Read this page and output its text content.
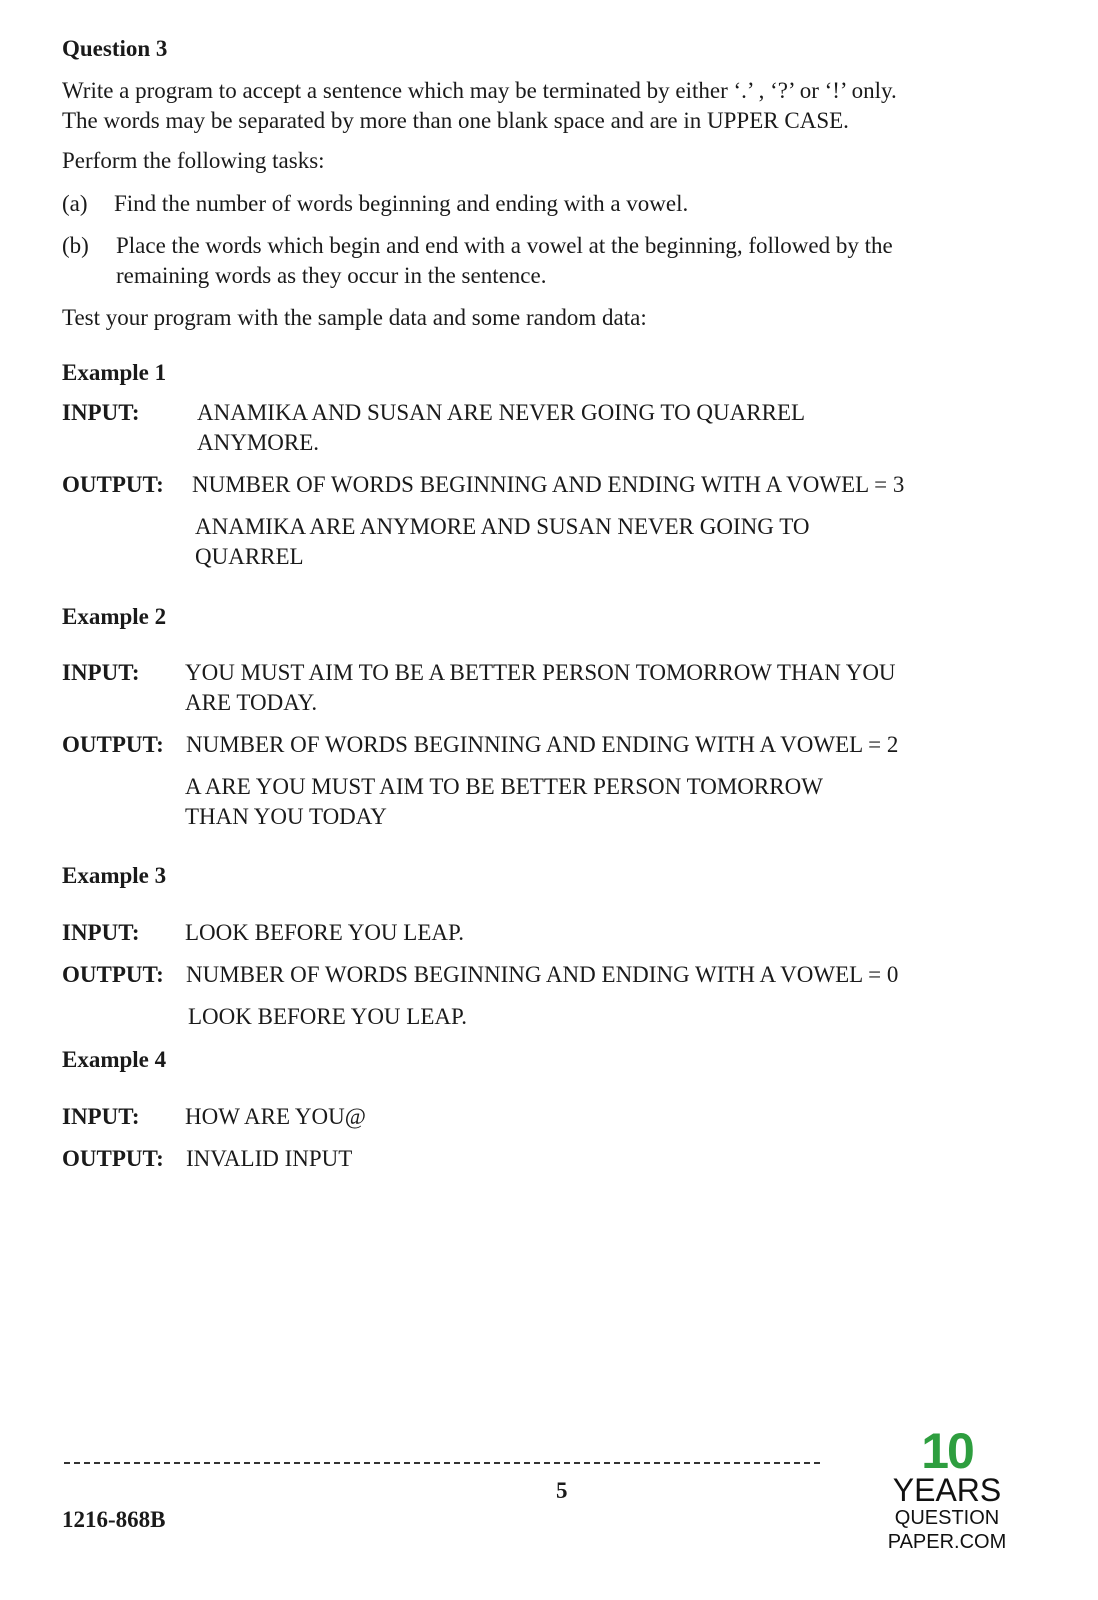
Question 3
Write a program to accept a sentence which may be terminated by either ‘.’ , ‘?’ or ‘!’ only.
The words may be separated by more than one blank space and are in UPPER CASE.
Perform the following tasks:
(a) Find the number of words beginning and ending with a vowel.
(b) Place the words which begin and end with a vowel at the beginning, followed by the
remaining words as they occur in the sentence.
Test your program with the sample data and some random data:
Example 1
INPUT: ANAMIKA AND SUSAN ARE NEVER GOING TO QUARREL
ANYMORE.
OUTPUT: NUMBER OF WORDS BEGINNING AND ENDING WITH A VOWEL = 3
ANAMIKA ARE ANYMORE AND SUSAN NEVER GOING TO
QUARREL
Example 2
INPUT: YOU MUST AIM TO BE A BETTER PERSON TOMORROW THAN YOU
ARE TODAY.
OUTPUT: NUMBER OF WORDS BEGINNING AND ENDING WITH A VOWEL = 2
A ARE YOU MUST AIM TO BE BETTER PERSON TOMORROW
THAN YOU TODAY
Example 3
INPUT: LOOK BEFORE YOU LEAP.
OUTPUT: NUMBER OF WORDS BEGINNING AND ENDING WITH A VOWEL = 0
LOOK BEFORE YOU LEAP.
Example 4
INPUT: HOW ARE YOU@
OUTPUT: INVALID INPUT
5
1216-868B
10
YEARS
QUESTION PAPER.COM
